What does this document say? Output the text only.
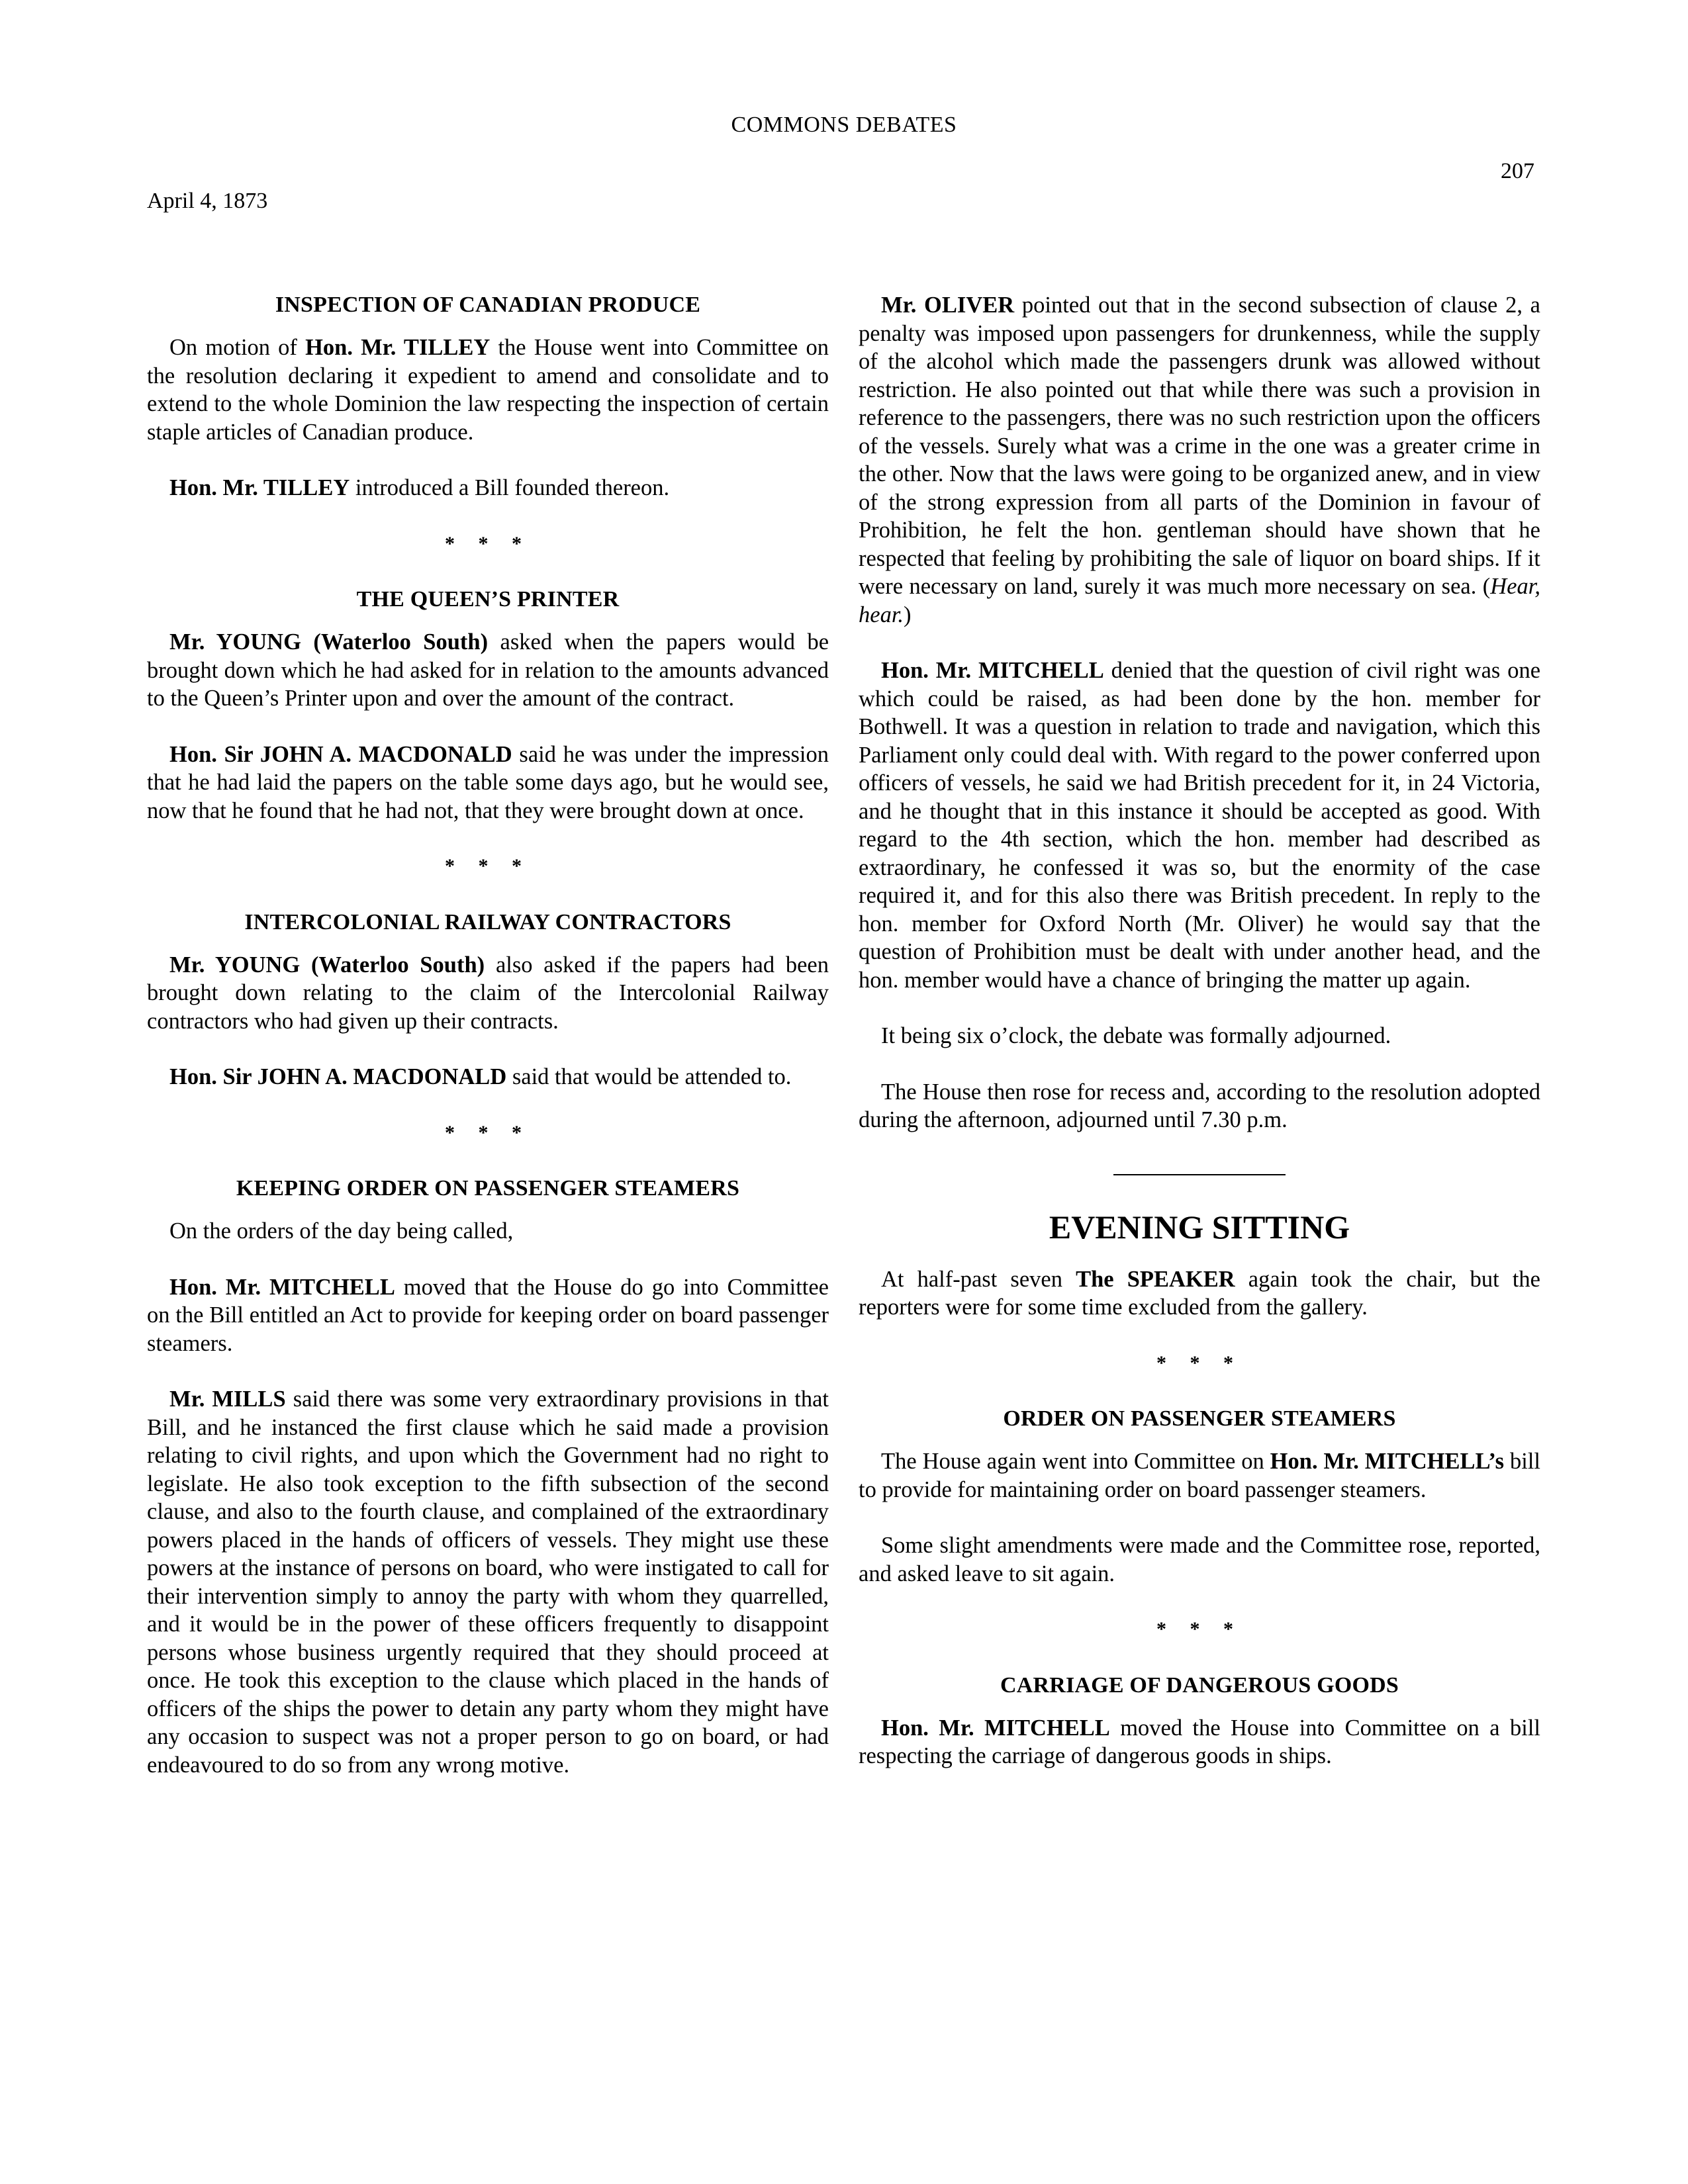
COMMONS DEBATES
207
April 4, 1873
INSPECTION OF CANADIAN PRODUCE

On motion of Hon. Mr. TILLEY the House went into Committee on the resolution declaring it expedient to amend and consolidate and to extend to the whole Dominion the law respecting the inspection of certain staple articles of Canadian produce.

Hon. Mr. TILLEY introduced a Bill founded thereon.

* * *
THE QUEEN’S PRINTER

Mr. YOUNG (Waterloo South) asked when the papers would be brought down which he had asked for in relation to the amounts advanced to the Queen’s Printer upon and over the amount of the contract.

Hon. Sir JOHN A. MACDONALD said he was under the impression that he had laid the papers on the table some days ago, but he would see, now that he found that he had not, that they were brought down at once.

* * *
INTERCOLONIAL RAILWAY CONTRACTORS

Mr. YOUNG (Waterloo South) also asked if the papers had been brought down relating to the claim of the Intercolonial Railway contractors who had given up their contracts.

Hon. Sir JOHN A. MACDONALD said that would be attended to.

* * *
KEEPING ORDER ON PASSENGER STEAMERS

On the orders of the day being called,

Hon. Mr. MITCHELL moved that the House do go into Committee on the Bill entitled an Act to provide for keeping order on board passenger steamers.

Mr. MILLS said there was some very extraordinary provisions in that Bill, and he instanced the first clause which he said made a provision relating to civil rights, and upon which the Government had no right to legislate. He also took exception to the fifth subsection of the second clause, and also to the fourth clause, and complained of the extraordinary powers placed in the hands of officers of vessels. They might use these powers at the instance of persons on board, who were instigated to call for their intervention simply to annoy the party with whom they quarrelled, and it would be in the power of these officers frequently to disappoint persons whose business urgently required that they should proceed at once. He took this exception to the clause which placed in the hands of officers of the ships the power to detain any party whom they might have any occasion to suspect was not a proper person to go on board, or had endeavoured to do so from any wrong motive.

Mr. OLIVER pointed out that in the second subsection of clause 2, a penalty was imposed upon passengers for drunkenness, while the supply of the alcohol which made the passengers drunk was allowed without restriction. He also pointed out that while there was such a provision in reference to the passengers, there was no such restriction upon the officers of the vessels. Surely what was a crime in the one was a greater crime in the other. Now that the laws were going to be organized anew, and in view of the strong expression from all parts of the Dominion in favour of Prohibition, he felt the hon. gentleman should have shown that he respected that feeling by prohibiting the sale of liquor on board ships. If it were necessary on land, surely it was much more necessary on sea. (Hear, hear.)

Hon. Mr. MITCHELL denied that the question of civil right was one which could be raised, as had been done by the hon. member for Bothwell. It was a question in relation to trade and navigation, which this Parliament only could deal with. With regard to the power conferred upon officers of vessels, he said we had British precedent for it, in 24 Victoria, and he thought that in this instance it should be accepted as good. With regard to the 4th section, which the hon. member had described as extraordinary, he confessed it was so, but the enormity of the case required it, and for this also there was British precedent. In reply to the hon. member for Oxford North (Mr. Oliver) he would say that the question of Prohibition must be dealt with under another head, and the hon. member would have a chance of bringing the matter up again.

It being six o’clock, the debate was formally adjourned.

The House then rose for recess and, according to the resolution adopted during the afternoon, adjourned until 7.30 p.m.

EVENING SITTING

At half-past seven The SPEAKER again took the chair, but the reporters were for some time excluded from the gallery.

* * *
ORDER ON PASSENGER STEAMERS

The House again went into Committee on Hon. Mr. MITCHELL’s bill to provide for maintaining order on board passenger steamers.

Some slight amendments were made and the Committee rose, reported, and asked leave to sit again.

* * *
CARRIAGE OF DANGEROUS GOODS

Hon. Mr. MITCHELL moved the House into Committee on a bill respecting the carriage of dangerous goods in ships.
